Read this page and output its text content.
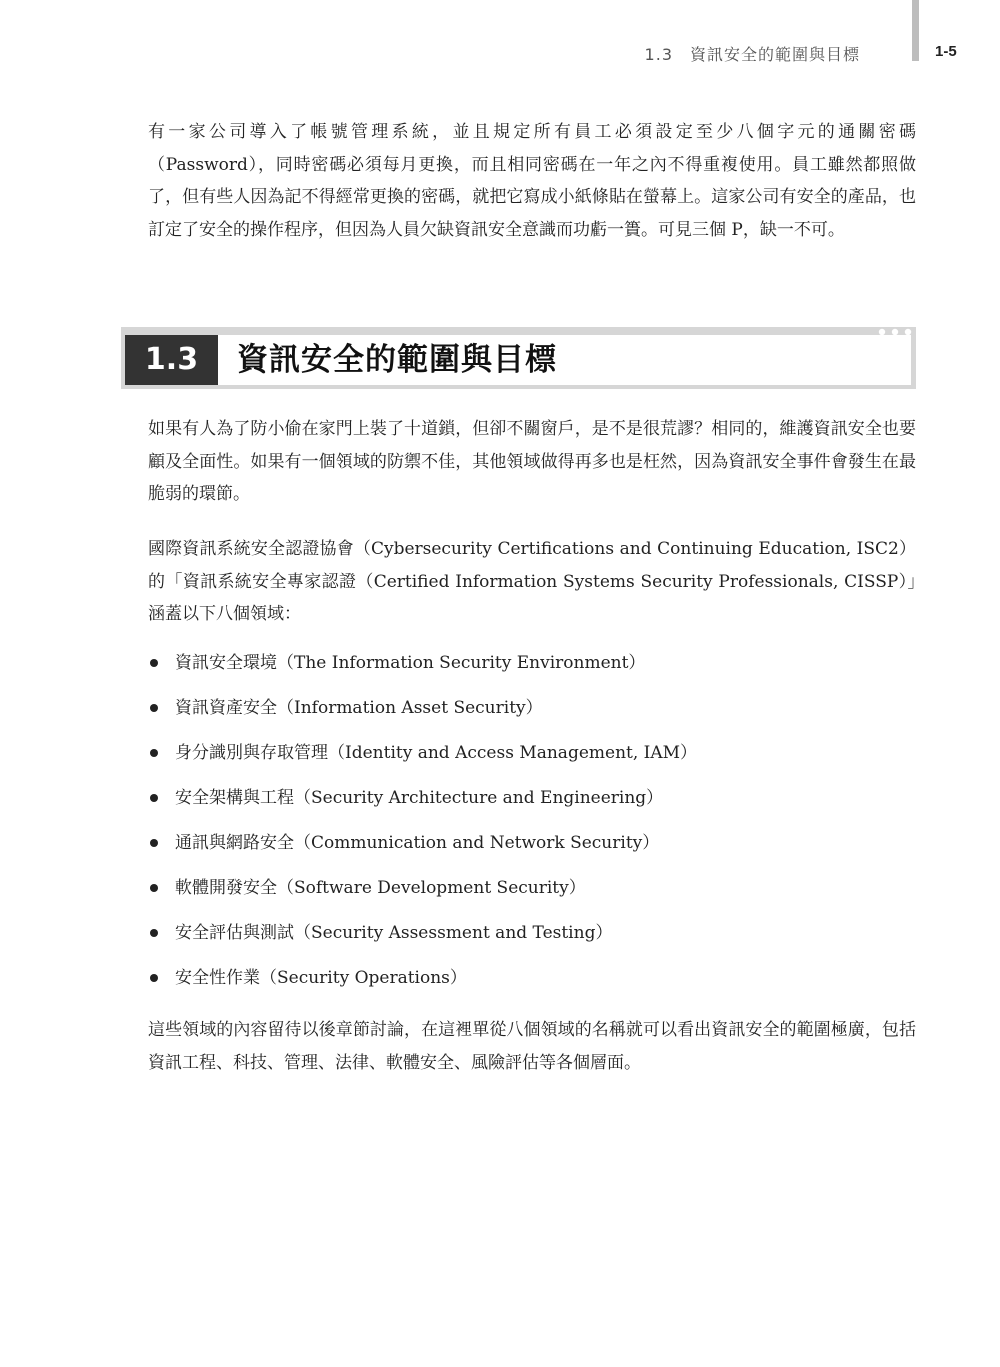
1.3　資訊安全的範圍與目標	1-5

有一家公司導入了帳號管理系統，並且規定所有員工必須設定至少八個字元的通關密碼（Password），同時密碼必須每月更換，而且相同密碼在一年之內不得重複使用。員工雖然都照做了，但有些人因為記不得經常更換的密碼，就把它寫成小紙條貼在螢幕上。這家公司有安全的產品，也訂定了安全的操作程序，但因為人員欠缺資訊安全意識而功虧一簣。可見三個 P，缺一不可。

1.3	資訊安全的範圍與目標

如果有人為了防小偷在家門上裝了十道鎖，但卻不關窗戶，是不是很荒謬？相同的，維護資訊安全也要顧及全面性。如果有一個領域的防禦不佳，其他領域做得再多也是枉然，因為資訊安全事件會發生在最脆弱的環節。

國際資訊系統安全認證協會（Cybersecurity Certifications and Continuing Education, ISC2）的「資訊系統安全專家認證（Certified Information Systems Security Professionals, CISSP）」涵蓋以下八個領域：

資訊安全環境（The Information Security Environment）
資訊資產安全（Information Asset Security）
身分識別與存取管理（Identity and Access Management, IAM）
安全架構與工程（Security Architecture and Engineering）
通訊與網路安全（Communication and Network Security）
軟體開發安全（Software Development Security）
安全評估與測試（Security Assessment and Testing）
安全性作業（Security Operations）

這些領域的內容留待以後章節討論，在這裡單從八個領域的名稱就可以看出資訊安全的範圍極廣，包括資訊工程、科技、管理、法律、軟體安全、風險評估等各個層面。
